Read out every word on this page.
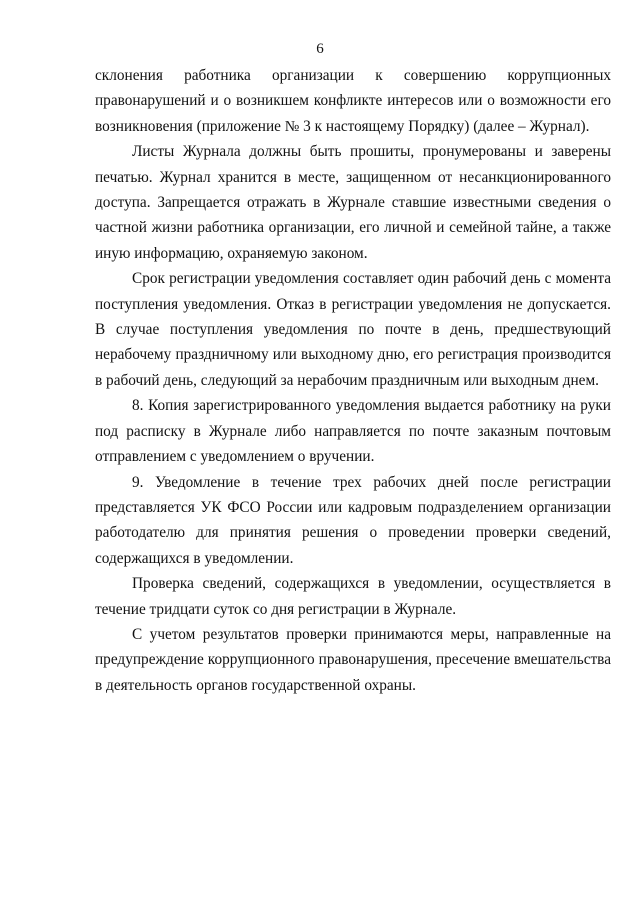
6

склонения работника организации к совершению коррупционных правонарушений и о возникшем конфликте интересов или о возможности его возникновения (приложение № 3 к настоящему Порядку) (далее – Журнал).

Листы Журнала должны быть прошиты, пронумерованы и заверены печатью. Журнал хранится в месте, защищенном от несанкционированного доступа. Запрещается отражать в Журнале ставшие известными сведения о частной жизни работника организации, его личной и семейной тайне, а также иную информацию, охраняемую законом.

Срок регистрации уведомления составляет один рабочий день с момента поступления уведомления. Отказ в регистрации уведомления не допускается. В случае поступления уведомления по почте в день, предшествующий нерабочему праздничному или выходному дню, его регистрация производится в рабочий день, следующий за нерабочим праздничным или выходным днем.

8. Копия зарегистрированного уведомления выдается работнику на руки под расписку в Журнале либо направляется по почте заказным почтовым отправлением с уведомлением о вручении.

9. Уведомление в течение трех рабочих дней после регистрации представляется УК ФСО России или кадровым подразделением организации работодателю для принятия решения о проведении проверки сведений, содержащихся в уведомлении.

Проверка сведений, содержащихся в уведомлении, осуществляется в течение тридцати суток со дня регистрации в Журнале.

С учетом результатов проверки принимаются меры, направленные на предупреждение коррупционного правонарушения, пресечение вмешательства в деятельность органов государственной охраны.
